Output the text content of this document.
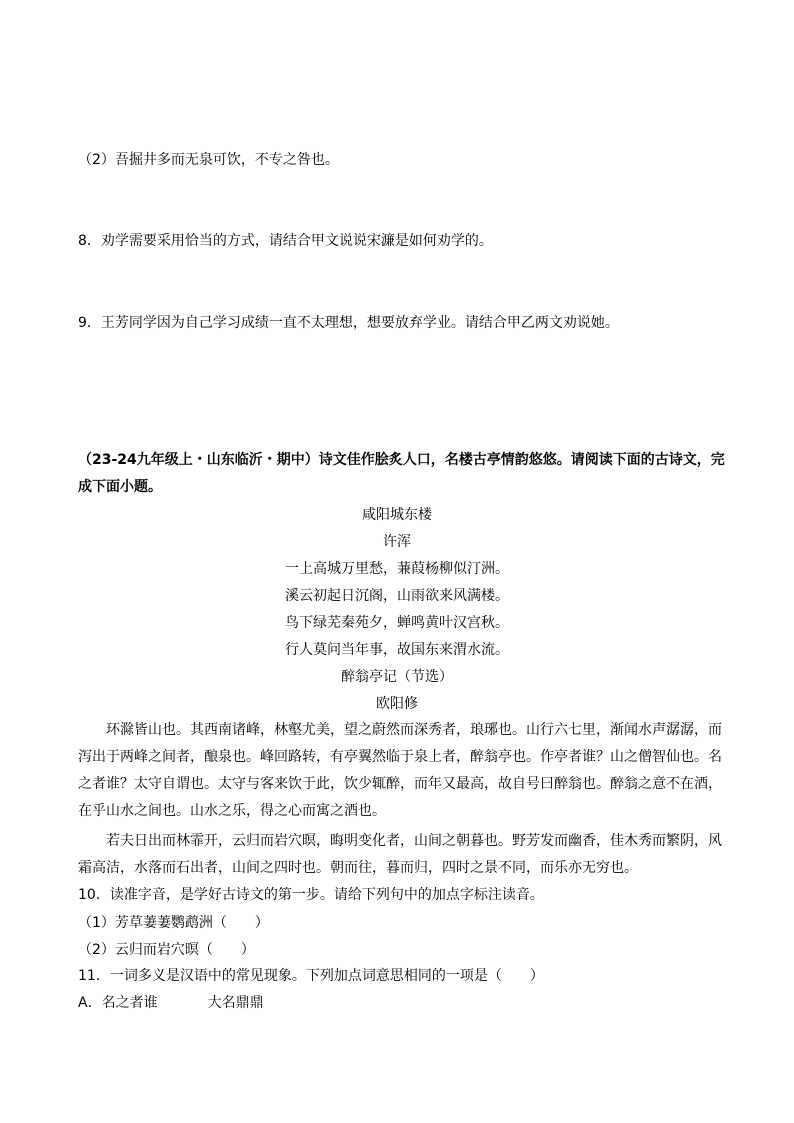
（2）吾掘井多而无泉可饮，不专之咎也。
8．劝学需要采用恰当的方式，请结合甲文说说宋濂是如何劝学的。
9．王芳同学因为自己学习成绩一直不太理想，想要放弃学业。请结合甲乙两文劝说她。
（23-24九年级上・山东临沂・期中）诗文佳作脍炙人口，名楼古亭情韵悠悠。请阅读下面的古诗文，完
成下面小题。
咸阳城东楼
许浑
一上高城万里愁，蒹葭杨柳似汀洲。
溪云初起日沉阁，山雨欲来风满楼。
鸟下绿芜秦苑夕，蝉鸣黄叶汉宫秋。
行人莫问当年事，故国东来渭水流。
醉翁亭记（节选）
欧阳修
　　环滁皆山也。其西南诸峰，林壑尤美，望之蔚然而深秀者，琅琊也。山行六七里，渐闻水声潺潺，而
泻出于两峰之间者，酿泉也。峰回路转，有亭翼然临于泉上者，醉翁亭也。作亭者谁？山之僧智仙也。名
之者谁？太守自谓也。太守与客来饮于此，饮少辄醉，而年又最高，故自号曰醉翁也。醉翁之意不在酒，
在乎山水之间也。山水之乐，得之心而寓之酒也。
　　若夫日出而林霏开，云归而岩穴暝，晦明变化者，山间之朝暮也。野芳发而幽香，佳木秀而繁阴，风
霜高洁，水落而石出者，山间之四时也。朝而往，暮而归，四时之景不同，而乐亦无穷也。
10．读准字音，是学好古诗文的第一步。请给下列句中的加点字标注读音。
（1）芳草萋萋鹦鹉洲（　　）
（2）云归而岩穴暝（　　）
11．一词多义是汉语中的常见现象。下列加点词意思相同的一项是（　　）
A．名之者谁	大名鼎鼎
